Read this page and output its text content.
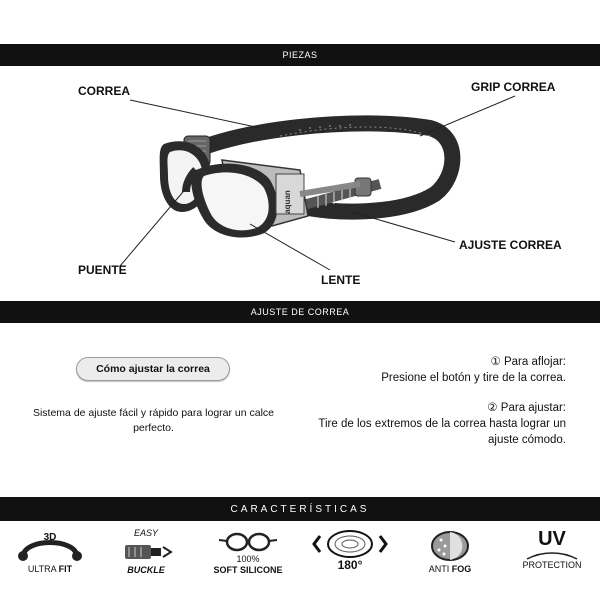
PIEZAS
aquan
CORREA	GRIP CORREA
AJUSTE CORREA
PUENTE
LENTE
AJUSTE DE CORREA
Cómo ajustar la correa
Sistema de ajuste fácil y rápido para lograr un calce perfecto.

① Para aflojar:
Presione el botón y tire de la correa.

② Para ajustar:
Tire de los extremos de la correa hasta lograr un ajuste cómodo.

CARACTERÍSTICAS
3D
ULTRA FIT
EASY
BUCKLE
100%
SOFT SILICONE	180°	ANTI FOG
UV
PROTECTION
